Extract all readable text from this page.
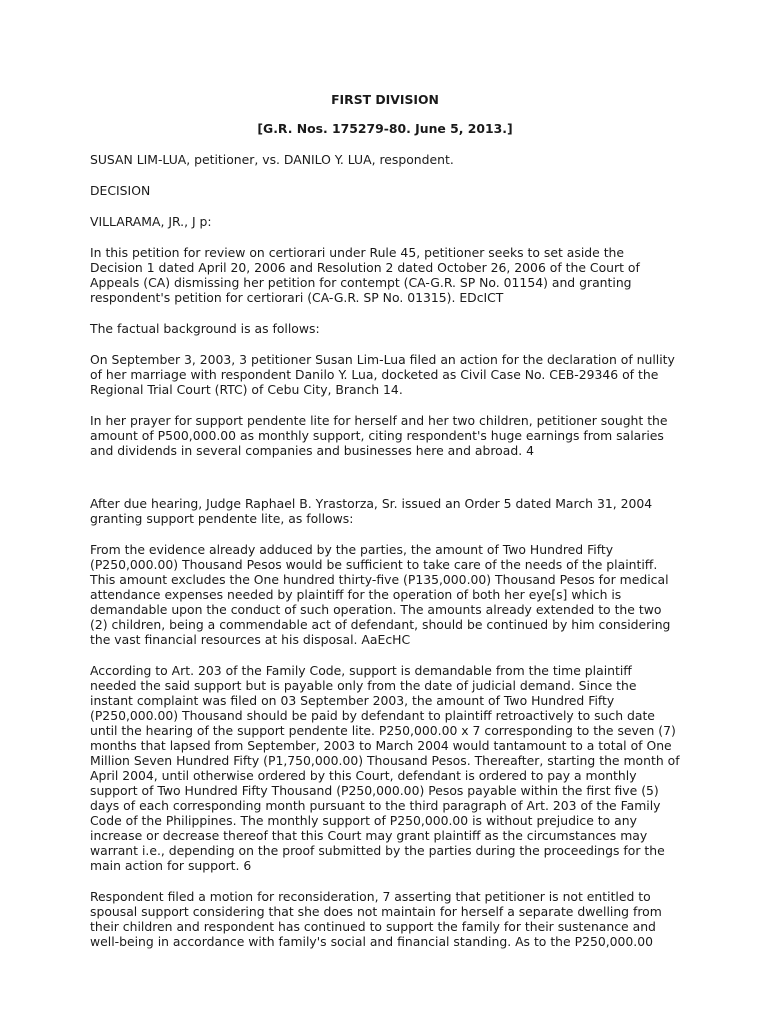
FIRST DIVISION
[G.R. Nos. 175279-80. June 5, 2013.]

SUSAN LIM-LUA, petitioner, vs. DANILO Y. LUA, respondent.

DECISION

VILLARAMA, JR., J p:

In this petition for review on certiorari under Rule 45, petitioner seeks to set aside the Decision 1 dated April 20, 2006 and Resolution 2 dated October 26, 2006 of the Court of Appeals (CA) dismissing her petition for contempt (CA-G.R. SP No. 01154) and granting respondent's petition for certiorari (CA-G.R. SP No. 01315). EDcICT

The factual background is as follows:

On September 3, 2003, 3 petitioner Susan Lim-Lua filed an action for the declaration of nullity of her marriage with respondent Danilo Y. Lua, docketed as Civil Case No. CEB-29346 of the Regional Trial Court (RTC) of Cebu City, Branch 14.

In her prayer for support pendente lite for herself and her two children, petitioner sought the amount of P500,000.00 as monthly support, citing respondent's huge earnings from salaries and dividends in several companies and businesses here and abroad. 4

After due hearing, Judge Raphael B. Yrastorza, Sr. issued an Order 5 dated March 31, 2004 granting support pendente lite, as follows:

From the evidence already adduced by the parties, the amount of Two Hundred Fifty (P250,000.00) Thousand Pesos would be sufficient to take care of the needs of the plaintiff. This amount excludes the One hundred thirty-five (P135,000.00) Thousand Pesos for medical attendance expenses needed by plaintiff for the operation of both her eye[s] which is demandable upon the conduct of such operation. The amounts already extended to the two (2) children, being a commendable act of defendant, should be continued by him considering the vast financial resources at his disposal. AaEcHC

According to Art. 203 of the Family Code, support is demandable from the time plaintiff needed the said support but is payable only from the date of judicial demand. Since the instant complaint was filed on 03 September 2003, the amount of Two Hundred Fifty (P250,000.00) Thousand should be paid by defendant to plaintiff retroactively to such date until the hearing of the support pendente lite. P250,000.00 x 7 corresponding to the seven (7) months that lapsed from September, 2003 to March 2004 would tantamount to a total of One Million Seven Hundred Fifty (P1,750,000.00) Thousand Pesos. Thereafter, starting the month of April 2004, until otherwise ordered by this Court, defendant is ordered to pay a monthly support of Two Hundred Fifty Thousand (P250,000.00) Pesos payable within the first five (5) days of each corresponding month pursuant to the third paragraph of Art. 203 of the Family Code of the Philippines. The monthly support of P250,000.00 is without prejudice to any increase or decrease thereof that this Court may grant plaintiff as the circumstances may warrant i.e., depending on the proof submitted by the parties during the proceedings for the main action for support. 6

Respondent filed a motion for reconsideration, 7 asserting that petitioner is not entitled to spousal support considering that she does not maintain for herself a separate dwelling from their children and respondent has continued to support the family for their sustenance and well-being in accordance with family's social and financial standing. As to the P250,000.00
